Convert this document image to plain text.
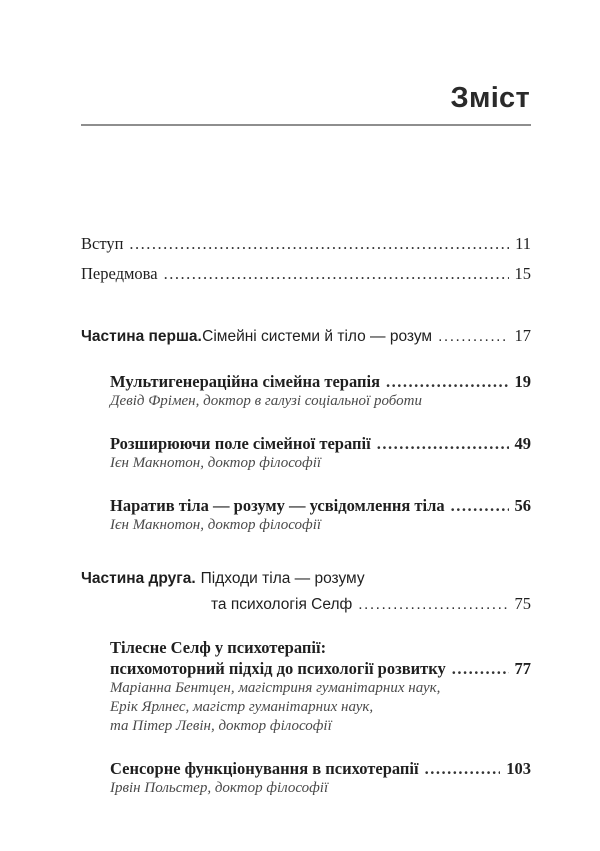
Зміст
Вступ .....	11
Передмова .....	15
Частина перша. Сімейні системи й тіло — розум .....	17
Мультигенераційна сімейна терапія .....	19
Девід Фрімен, доктор в галузі соціальної роботи
Розширюючи поле сімейної терапії .....	49
Ієн Макнотон, доктор філософії
Наратив тіла — розуму — усвідомлення тіла .....	56
Ієн Макнотон, доктор філософії
Частина друга. Підходи тіла — розуму
та психологія Селф .....	75
Тілесне Селф у психотерапії:
психомоторний підхід до психології розвитку .....	77
Маріанна Бентцен, магістриня гуманітарних наук,
Ерік Ярлнес, магістр гуманітарних наук,
та Пітер Левін, доктор філософії
Сенсорне функціонування в психотерапії .....	103
Ірвін Польстер, доктор філософії
